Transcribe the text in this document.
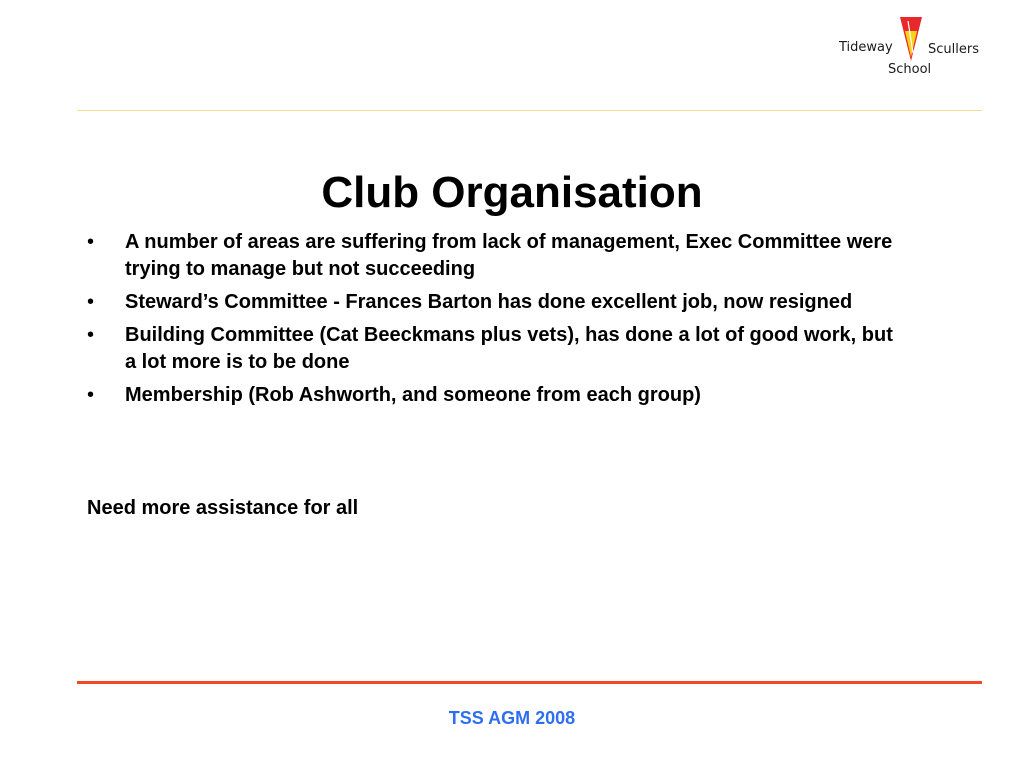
Tideway	Scullers
School
Club Organisation
• A number of areas are suffering from lack of management, Exec Committee were trying to manage but not succeeding
• Steward’s Committee - Frances Barton has done excellent job, now resigned
• Building Committee (Cat Beeckmans plus vets), has done a lot of good work, but a lot more is to be done
• Membership (Rob Ashworth, and someone from each group)

Need more assistance for all

TSS AGM 2008
